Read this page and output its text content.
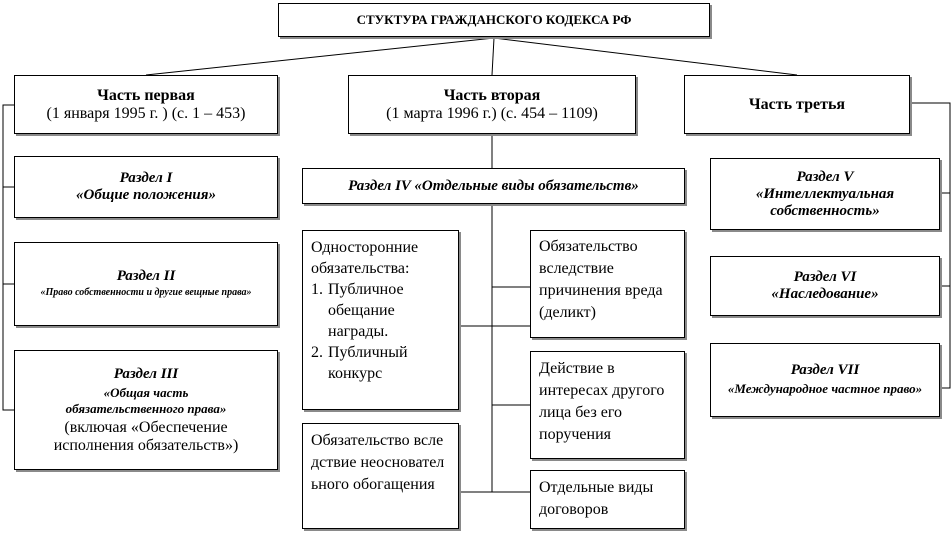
СТУКТУРА ГРАЖДАНСКОГО КОДЕКСА РФ
Часть первая
(1 января 1995 г. ) (с. 1 – 453)
Часть вторая
(1 марта 1996 г.) (с. 454 – 1109)
Часть третья
Раздел I
«Общие положения»
Раздел II
«Право собственности и другие вещные права»
Раздел III
«Общая часть обязательственного права»
(включая «Обеспечение исполнения обязательств»)
Раздел IV «Отдельные виды обязательств»
Раздел V
«Интеллектуальная собственность»
Раздел VI
«Наследование»
Раздел VII
«Международное частное право»
Односторонние обязательства:
1. Публичное обещание награды.
2. Публичный конкурс
Обязательство вследствие неосновательного обогащения
Обязательство вследствие причинения вреда (деликт)
Действие в интересах другого лица без его поручения
Отдельные виды договоров
